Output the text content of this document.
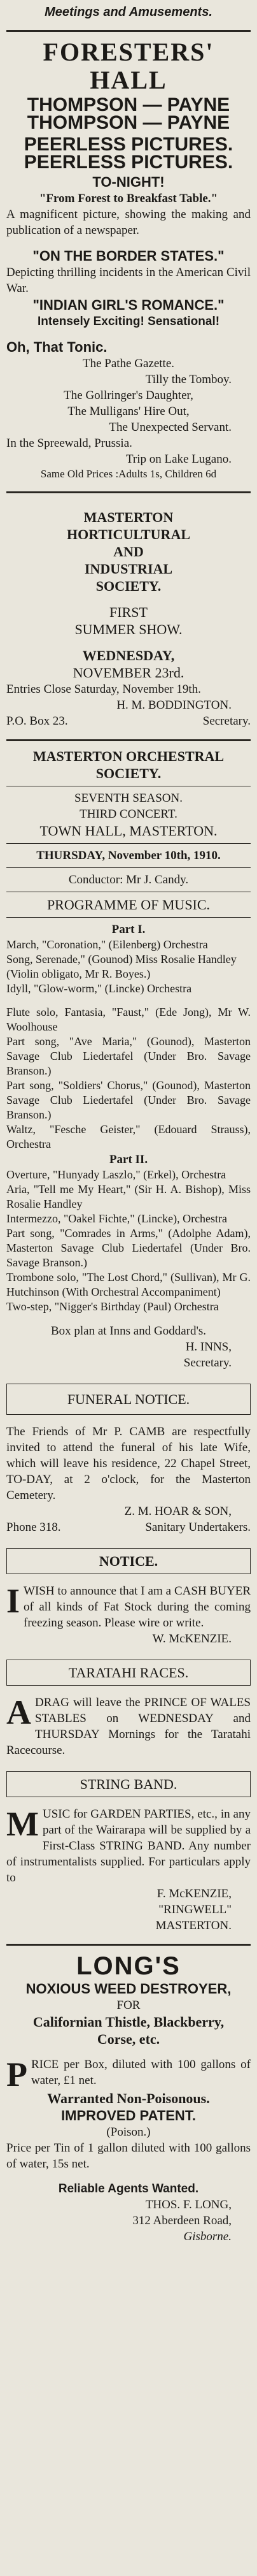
Meetings and Amusements.
FORESTERS' HALL
THOMPSON — PAYNE
THOMPSON — PAYNE
PEERLESS PICTURES.
PEERLESS PICTURES.
TO-NIGHT!
"From Forest to Breakfast Table."
A magnificent picture, showing the making and publication of a newspaper.
"ON THE BORDER STATES."
Depicting thrilling incidents in the American Civil War.
"INDIAN GIRL'S ROMANCE."
Intensely Exciting! Sensational!
Oh, That Tonic.
The Pathe Gazette.
Tilly the Tomboy.
The Gollringer's Daughter,
The Mulligans' Hire Out,
The Unexpected Servant.
In the Spreewald, Prussia.
Trip on Lake Lugano.
Same Old Prices :Adults 1s, Children 6d
MASTERTON
HORTICULTURAL
AND
INDUSTRIAL
SOCIETY.
FIRST
SUMMER SHOW.
WEDNESDAY,
NOVEMBER 23rd.
Entries Close Saturday, November 19th.
H. M. BODDINGTON.
P.O. Box 23.	Secretary.
MASTERTON ORCHESTRAL
SOCIETY.
SEVENTH SEASON.
THIRD CONCERT.
TOWN HALL, MASTERTON.
THURSDAY, November 10th, 1910.
Conductor: Mr J. Candy.
PROGRAMME OF MUSIC.
Part I.
March, "Coronation," (Eilenberg) Orchestra
Song, Serenade," (Gounod) Miss Rosalie Handley
(Violin obligato, Mr R. Boyes.)
Idyll, "Glow-worm," (Lincke) Orchestra
Flute solo, Fantasia, "Faust," (Ede Jong), Mr W. Woolhouse
Part song, "Ave Maria," (Gounod), Masterton Savage Club Liedertafel (Under Bro. Savage Branson.)
Part song, "Soldiers' Chorus," (Gounod), Masterton Savage Club Liedertafel (Under Bro. Savage Branson.)
Waltz, "Fesche Geister," (Edouard Strauss), Orchestra
Part II.
Overture, "Hunyady Laszlo," (Erkel), Orchestra
Aria, "Tell me My Heart," (Sir H. A. Bishop), Miss Rosalie Handley
Intermezzo, "Oakel Fichte," (Lincke), Orchestra
Part song, "Comrades in Arms," (Adolphe Adam), Masterton Savage Club Liedertafel (Under Bro. Savage Branson.)
Trombone solo, "The Lost Chord," (Sullivan), Mr G. Hutchinson (With Orchestral Accompaniment)
Two-step, "Nigger's Birthday (Paul) Orchestra
Box plan at Inns and Goddard's.
H. INNS,
Secretary.
FUNERAL NOTICE.
The Friends of Mr P. CAMB are respectfully invited to attend the funeral of his late Wife, which will leave his residence, 22 Chapel Street, TO-DAY, at 2 o'clock, for the Masterton Cemetery.
Z. M. HOAR & SON,
Phone 318.	Sanitary Undertakers.
NOTICE.
I WISH to announce that I am a CASH BUYER of all kinds of Fat Stock during the coming freezing season. Please wire or write.
W. McKENZIE.
TARATAHI RACES.
A DRAG will leave the PRINCE OF WALES STABLES on WEDNESDAY and THURSDAY Mornings for the Taratahi Racecourse.
STRING BAND.
M USIC for GARDEN PARTIES, etc., in any part of the Wairarapa will be supplied by a First-Class STRING BAND. Any number of instrumentalists supplied. For particulars apply to
F. McKENZIE,
"RINGWELL"
MASTERTON.
LONG'S
NOXIOUS WEED DESTROYER,
FOR
Californian Thistle, Blackberry,
Corse, etc.
P RICE per Box, diluted with 100 gallons of water, £1 net.
Warranted Non-Poisonous.
IMPROVED PATENT.
(Poison.)
Price per Tin of 1 gallon diluted with 100 gallons of water, 15s net.
Reliable Agents Wanted.
THOS. F. LONG,
312 Aberdeen Road,
Gisborne.
